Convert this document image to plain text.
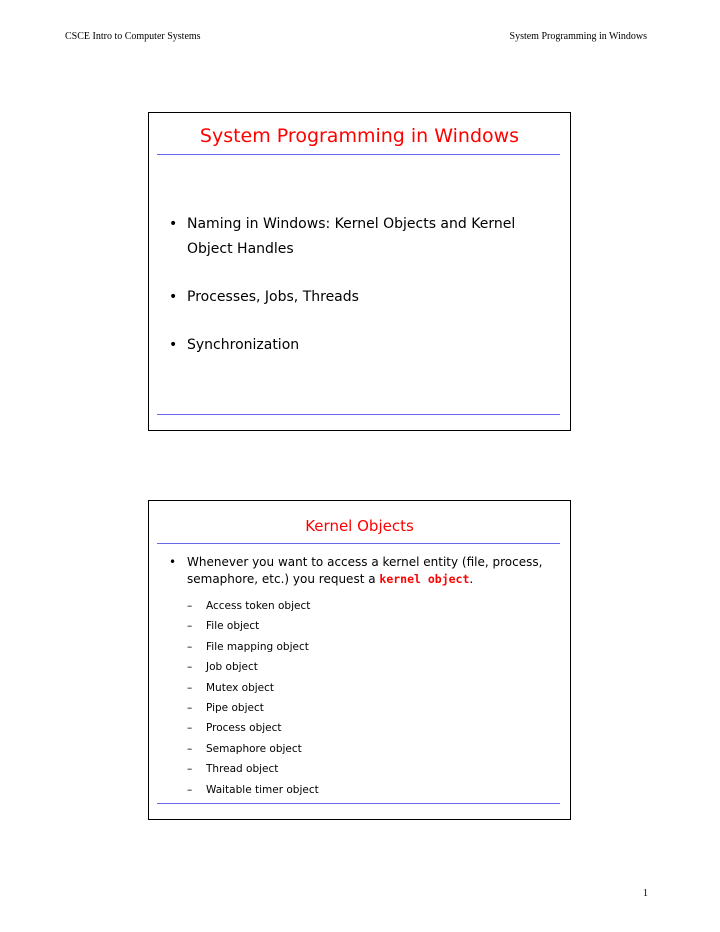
CSCE Intro to Computer Systems	System Programming in Windows
System Programming in Windows
• Naming in Windows: Kernel Objects and Kernel Object Handles
• Processes, Jobs, Threads
• Synchronization
Kernel Objects
• Whenever you want to access a kernel entity (file, process, semaphore, etc.) you request a kernel object.
– Access token object
– File object
– File mapping object
– Job object
– Mutex object
– Pipe object
– Process object
– Semaphore object
– Thread object
– Waitable timer object
1
